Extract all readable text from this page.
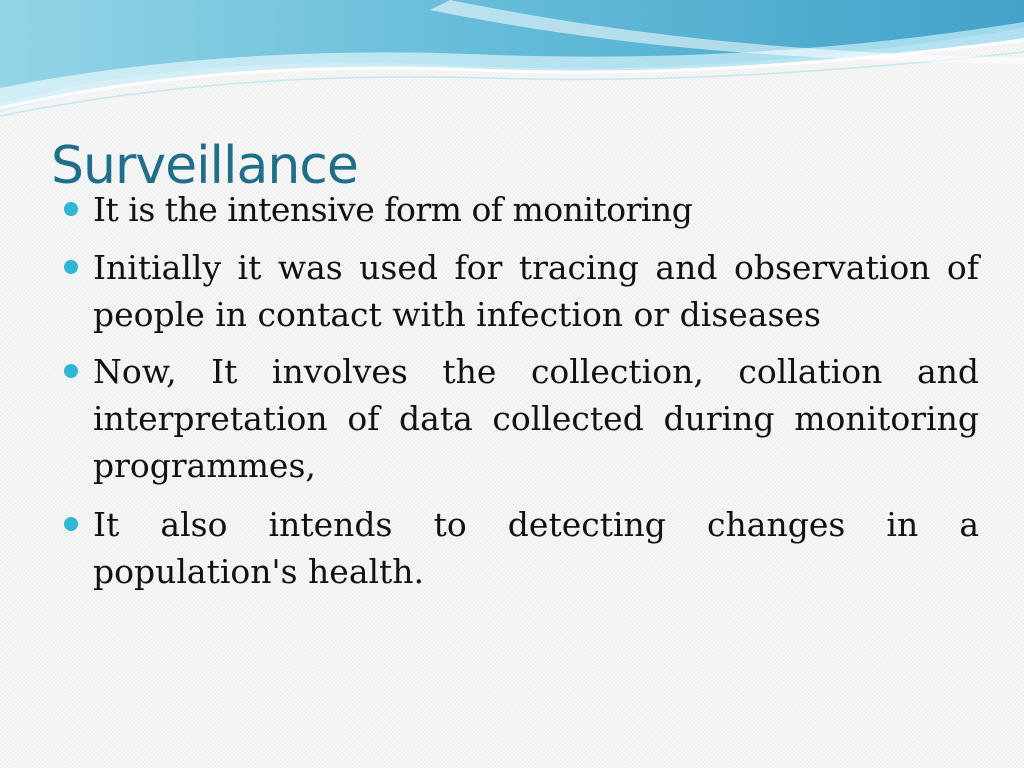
Surveillance
It is the intensive form of monitoring
Initially it was used for tracing and observation of people in contact with infection or diseases
Now, It involves the collection, collation and interpretation of data collected during monitoring programmes,
It also intends to detecting changes in a population's health.
